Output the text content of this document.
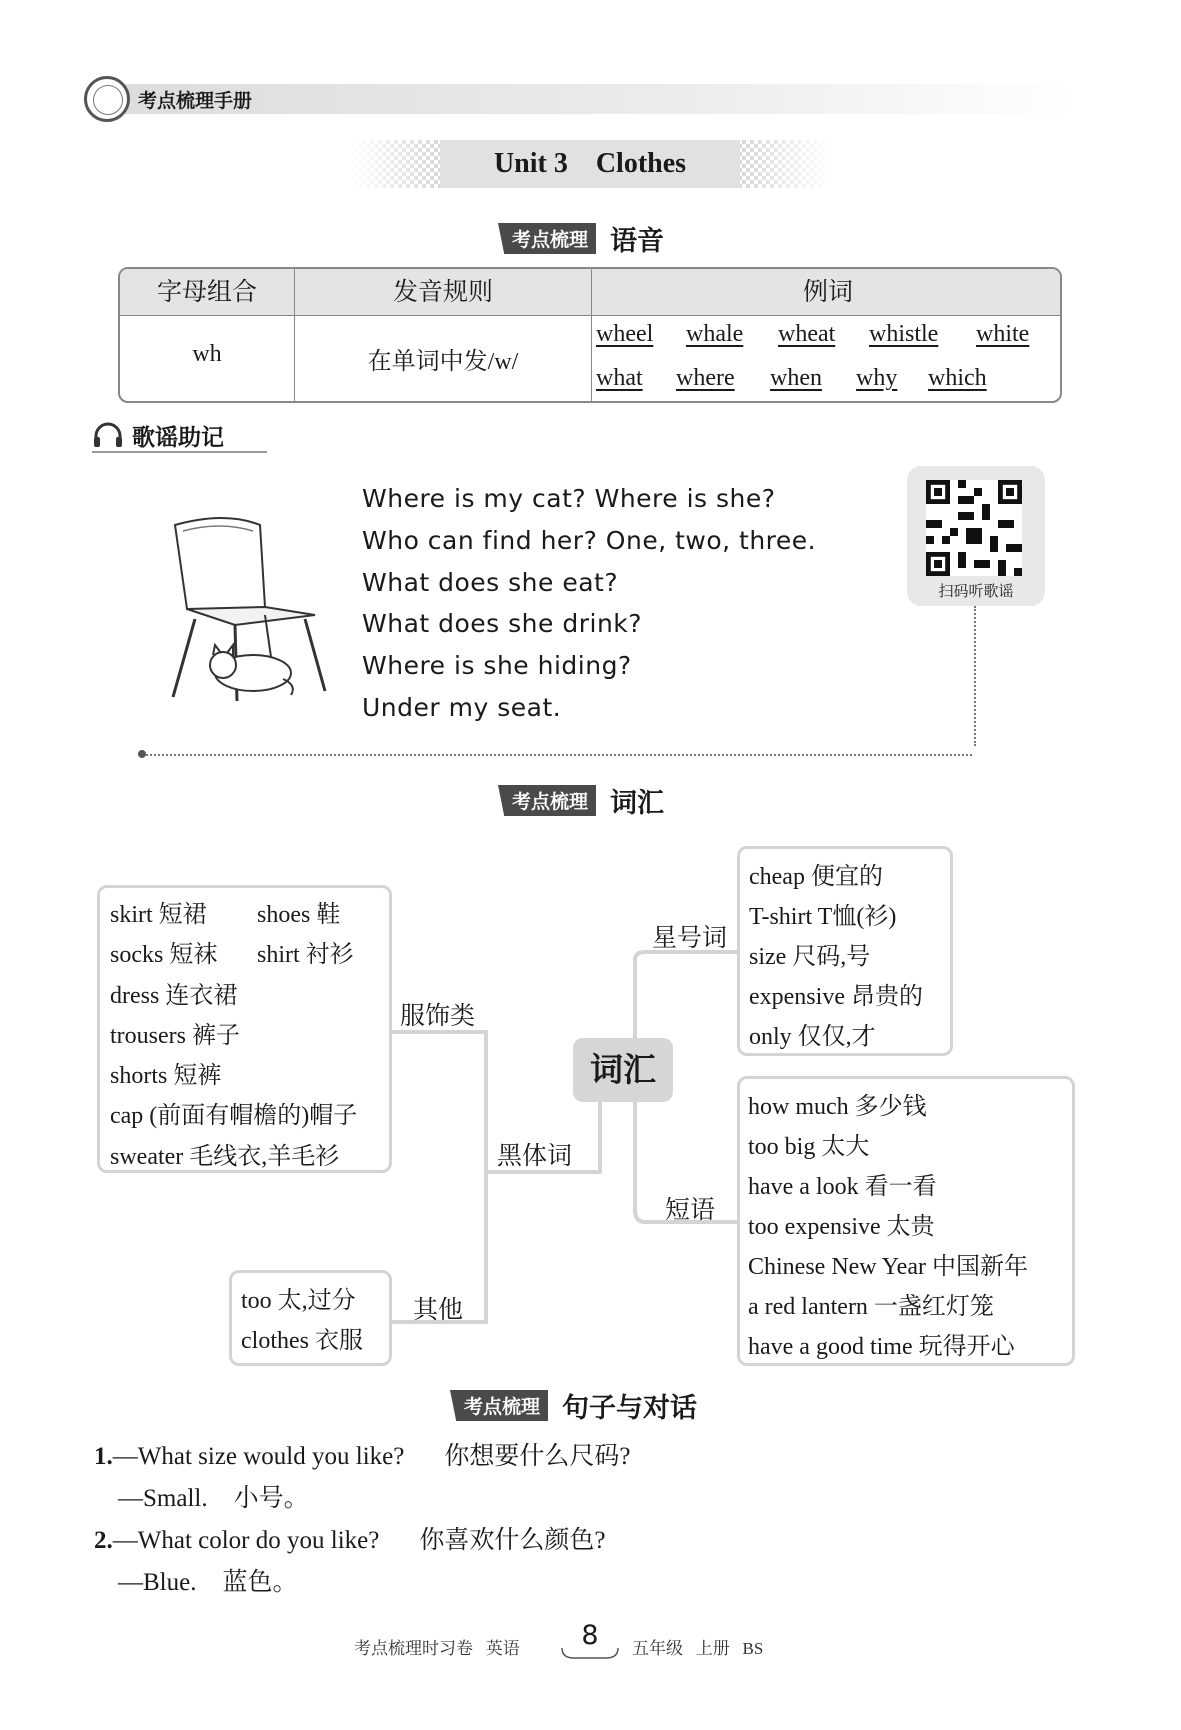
考点梳理手册
Unit 3    Clothes
考点梳理 语音
字母组合	发音规则	例词
wh	在单词中发/w/
wheel whale wheat whistle white
what where when why which
歌谣助记
Where is my cat? Where is she?
Who can find her? One, two, three.
What does she eat?
What does she drink?
Where is she hiding?
Under my seat.
扫码听歌谣
考点梳理 词汇
skirt 短裙 shoes 鞋
socks 短袜 shirt 衬衫
dress 连衣裙
trousers 裤子
shorts 短裤
cap (前面有帽檐的)帽子
sweater 毛线衣,羊毛衫
服饰类
黑体词
其他
星号词
短语
词汇
too 太,过分
clothes 衣服
cheap 便宜的
T-shirt T恤(衫)
size 尺码,号
expensive 昂贵的
only 仅仅,才
how much 多少钱
too big 太大
have a look 看一看
too expensive 太贵
Chinese New Year 中国新年
a red lantern 一盏红灯笼
have a good time 玩得开心
考点梳理 句子与对话
1.—What size would you like? 你想要什么尺码?
—Small. 小号。
2.—What color do you like? 你喜欢什么颜色?
—Blue. 蓝色。
考点梳理时习卷   英语	8	五年级   上册   BS
